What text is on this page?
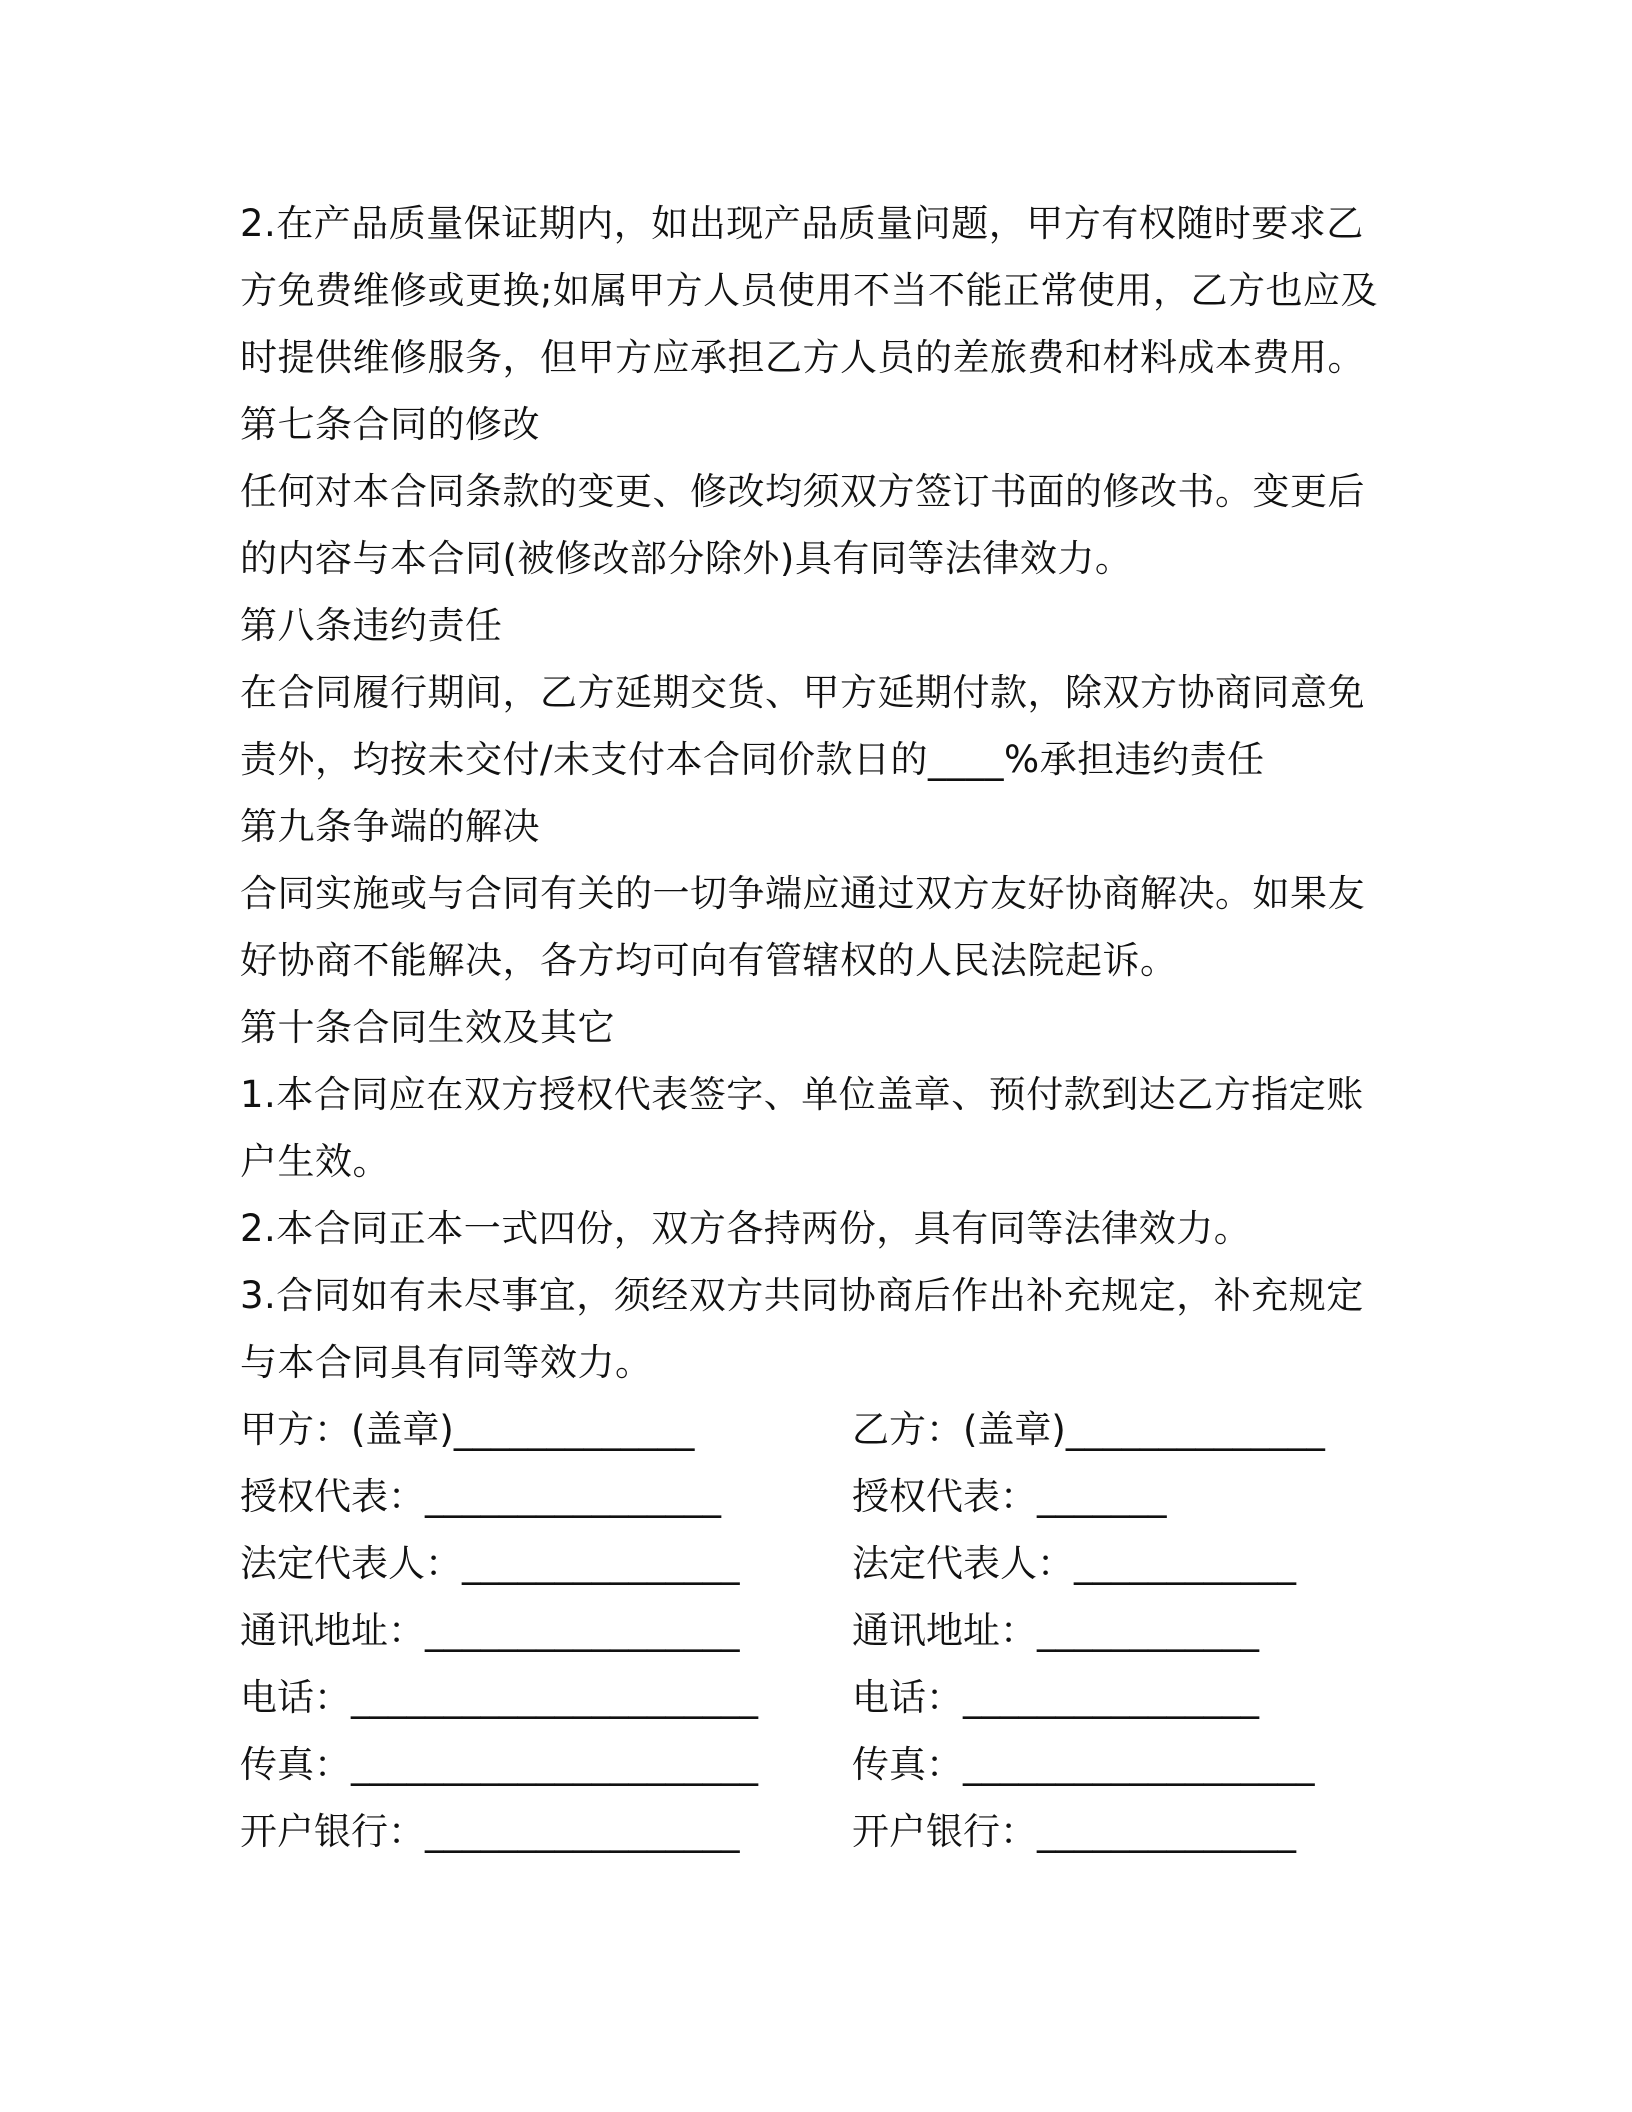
2.在产品质量保证期内，如出现产品质量问题，甲方有权随时要求乙
方免费维修或更换;如属甲方人员使用不当不能正常使用，乙方也应及
时提供维修服务，但甲方应承担乙方人员的差旅费和材料成本费用。
第七条合同的修改
任何对本合同条款的变更、修改均须双方签订书面的修改书。变更后
的内容与本合同(被修改部分除外)具有同等法律效力。
第八条违约责任
在合同履行期间，乙方延期交货、甲方延期付款，除双方协商同意免
责外，均按未交付/未支付本合同价款日的____%承担违约责任
第九条争端的解决
合同实施或与合同有关的一切争端应通过双方友好协商解决。如果友
好协商不能解决，各方均可向有管辖权的人民法院起诉。
第十条合同生效及其它
1.本合同应在双方授权代表签字、单位盖章、预付款到达乙方指定账
户生效。
2.本合同正本一式四份，双方各持两份，具有同等法律效力。
3.合同如有未尽事宜，须经双方共同协商后作出补充规定，补充规定
与本合同具有同等效力。
甲方：(盖章)_____________	乙方：(盖章)______________
授权代表：________________	授权代表：_______
法定代表人：_______________	法定代表人：____________
通讯地址：_________________	通讯地址：____________
电话：______________________	电话：________________
传真：______________________	传真：___________________
开户银行：_________________	开户银行：______________
